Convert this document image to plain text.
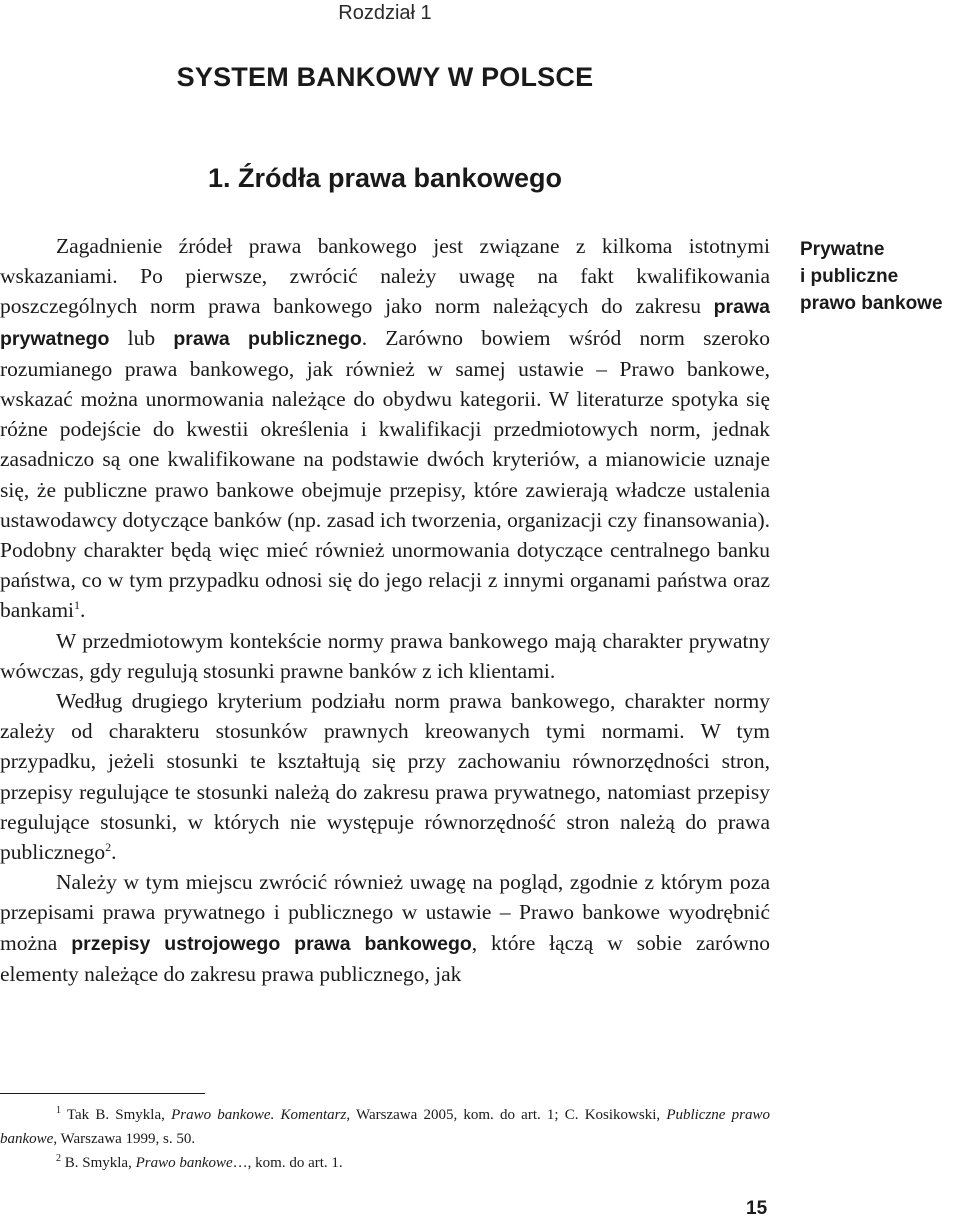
Rozdział 1
SYSTEM BANKOWY W POLSCE
1. Źródła prawa bankowego
Prywatne
i publiczne
prawo bankowe

Zagadnienie źródeł prawa bankowego jest związane z kilkoma istotnymi wskazaniami. Po pierwsze, zwrócić należy uwagę na fakt kwalifikowania poszczególnych norm prawa bankowego jako norm należących do zakresu prawa prywatnego lub prawa publicznego. Zarówno bowiem wśród norm szeroko rozumianego prawa bankowego, jak również w samej ustawie – Prawo bankowe, wskazać można unormowania należące do obydwu kategorii. W literaturze spotyka się różne podejście do kwestii określenia i kwalifikacji przedmiotowych norm, jednak zasadniczo są one kwalifikowane na podstawie dwóch kryteriów, a mianowicie uznaje się, że publiczne prawo bankowe obejmuje przepisy, które zawierają władcze ustalenia ustawodawcy dotyczące banków (np. zasad ich tworzenia, organizacji czy finansowania). Podobny charakter będą więc mieć również unormowania dotyczące centralnego banku państwa, co w tym przypadku odnosi się do jego relacji z innymi organami państwa oraz bankami$^1$.

W przedmiotowym kontekście normy prawa bankowego mają charakter prywatny wówczas, gdy regulują stosunki prawne banków z ich klientami.

Według drugiego kryterium podziału norm prawa bankowego, charakter normy zależy od charakteru stosunków prawnych kreowanych tymi normami. W tym przypadku, jeżeli stosunki te kształtują się przy zachowaniu równorzędności stron, przepisy regulujące te stosunki należą do zakresu prawa prywatnego, natomiast przepisy regulujące stosunki, w których nie występuje równorzędność stron należą do prawa publicznego$^2$.

Należy w tym miejscu zwrócić również uwagę na pogląd, zgodnie z którym poza przepisami prawa prywatnego i publicznego w ustawie – Prawo bankowe wyodrębnić można przepisy ustrojowego prawa bankowego, które łączą w sobie zarówno elementy należące do zakresu prawa publicznego, jak

$^1$ Tak B. Smykla, Prawo bankowe. Komentarz, Warszawa 2005, kom. do art. 1; C. Kosikowski, Publiczne prawo bankowe, Warszawa 1999, s. 50.

$^2$ B. Smykla, Prawo bankowe…, kom. do art. 1.

15
